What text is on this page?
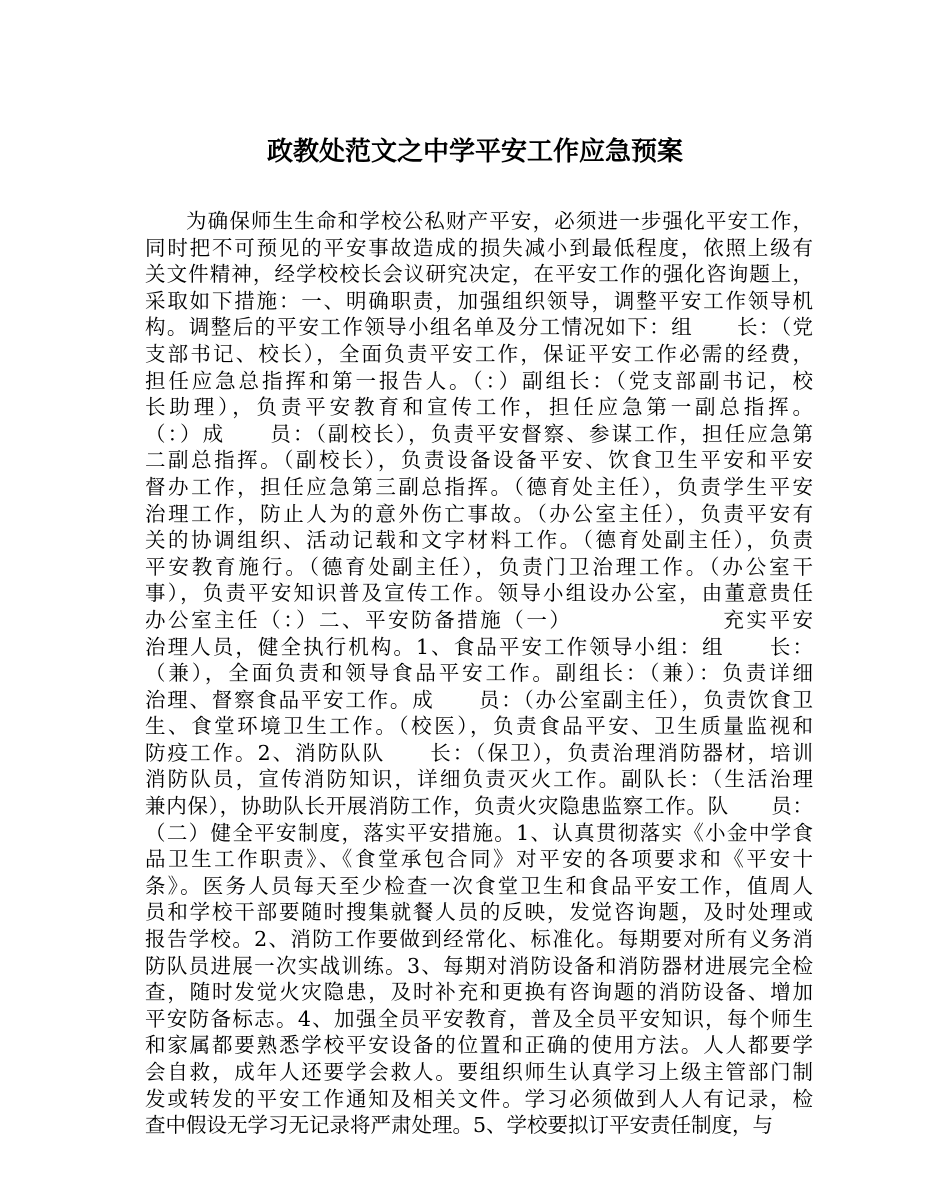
政教处范文之中学平安工作应急预案
为确保师生生命和学校公私财产平安，必须进一步强化平安工作，
同时把不可预见的平安事故造成的损失减小到最低程度，依照上级有
关文件精神，经学校校长会议研究决定，在平安工作的强化咨询题上，
采取如下措施：一、明确职责，加强组织领导，调整平安工作领导机
构。调整后的平安工作领导小组名单及分工情况如下：组　　长：（党
支部书记、校长），全面负责平安工作，保证平安工作必需的经费，
担任应急总指挥和第一报告人。（：）副组长：（党支部副书记，校
长助理），负责平安教育和宣传工作，担任应急第一副总指挥。
（：）成　　员：（副校长），负责平安督察、参谋工作，担任应急第
二副总指挥。（副校长），负责设备设备平安、饮食卫生平安和平安
督办工作，担任应急第三副总指挥。（德育处主任），负责学生平安
治理工作，防止人为的意外伤亡事故。（办公室主任），负责平安有
关的协调组织、活动记载和文字材料工作。（德育处副主任），负责
平安教育施行。（德育处副主任），负责门卫治理工作。（办公室干
事），负责平安知识普及宣传工作。领导小组设办公室，由董意贵任
办公室主任（：）二、平安防备措施（一）　　　　　　　充实平安
治理人员，健全执行机构。1、食品平安工作领导小组：组　　长：
（兼），全面负责和领导食品平安工作。副组长：（兼）：负责详细
治理、督察食品平安工作。成　　员：（办公室副主任），负责饮食卫
生、食堂环境卫生工作。（校医），负责食品平安、卫生质量监视和
防疫工作。2、消防队队　　长：（保卫），负责治理消防器材，培训
消防队员，宣传消防知识，详细负责灭火工作。副队长：（生活治理
兼内保），协助队长开展消防工作，负责火灾隐患监察工作。队　　员：
（二）健全平安制度，落实平安措施。1、认真贯彻落实《小金中学食
品卫生工作职责》、《食堂承包合同》对平安的各项要求和《平安十
条》。医务人员每天至少检查一次食堂卫生和食品平安工作，值周人
员和学校干部要随时搜集就餐人员的反映，发觉咨询题，及时处理或
报告学校。2、消防工作要做到经常化、标准化。每期要对所有义务消
防队员进展一次实战训练。3、每期对消防设备和消防器材进展完全检
查，随时发觉火灾隐患，及时补充和更换有咨询题的消防设备、增加
平安防备标志。4、加强全员平安教育，普及全员平安知识，每个师生
和家属都要熟悉学校平安设备的位置和正确的使用方法。人人都要学
会自救，成年人还要学会救人。要组织师生认真学习上级主管部门制
发或转发的平安工作通知及相关文件。学习必须做到人人有记录，检
查中假设无学习无记录将严肃处理。5、学校要拟订平安责任制度，与
